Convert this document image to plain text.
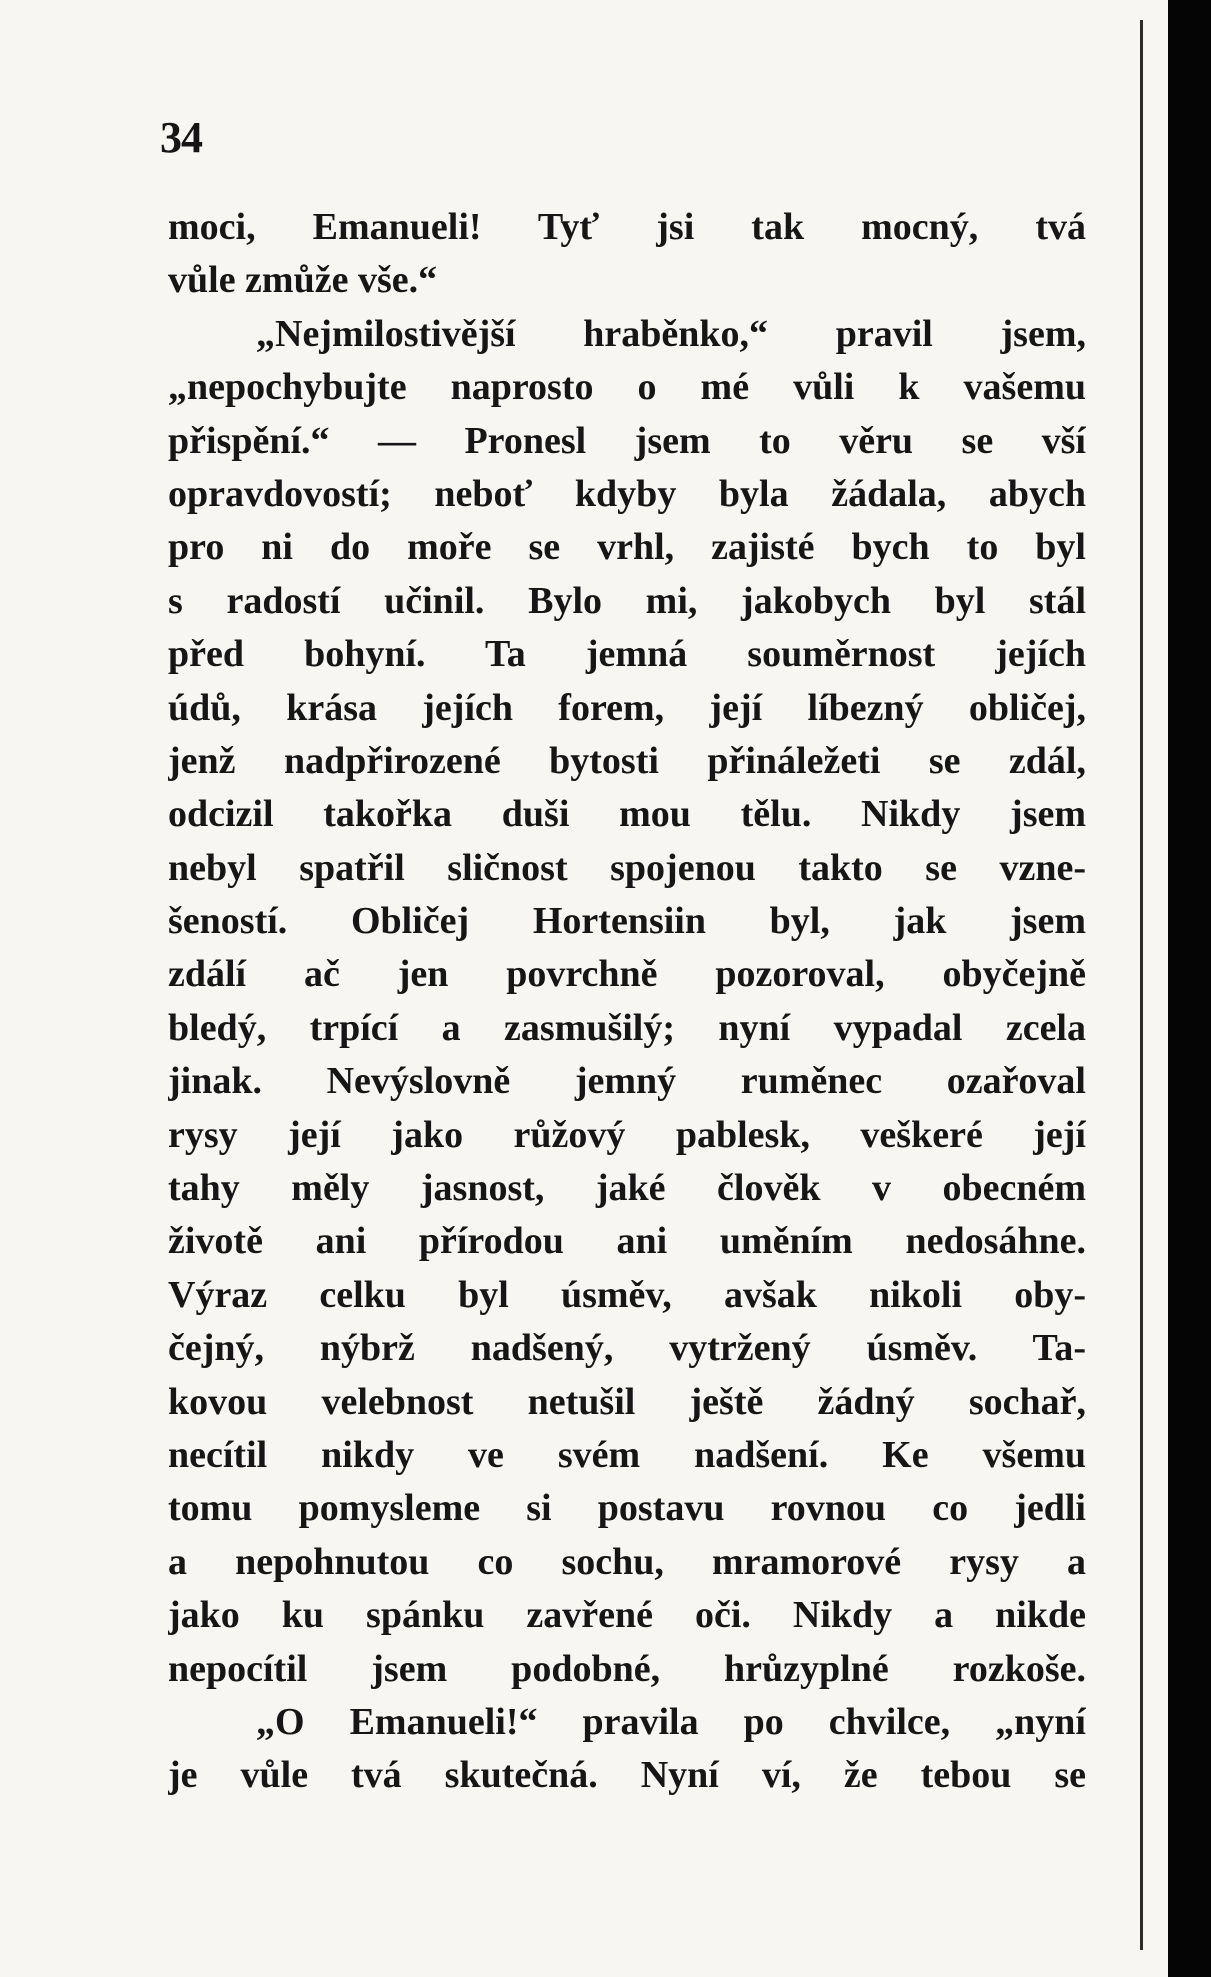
34

moci, Emanueli! Tyť jsi tak mocný, tvá
vůle zmůže vše.“
„Nejmilostivější hraběnko,“ pravil jsem,
„nepochybujte naprosto o mé vůli k vašemu
přispění.“ — Pronesl jsem to věru se vší
opravdovostí; neboť kdyby byla žádala, abych
pro ni do moře se vrhl, zajisté bych to byl
s radostí učinil. Bylo mi, jakobych byl stál
před bohyní. Ta jemná souměrnost jejích
údů, krása jejích forem, její líbezný obličej,
jenž nadpřirozené bytosti přináležeti se zdál,
odcizil takořka duši mou tělu. Nikdy jsem
nebyl spatřil sličnost spojenou takto se vzne-
šeností. Obličej Hortensiin byl, jak jsem
zdálí ač jen povrchně pozoroval, obyčejně
bledý, trpící a zasmušilý; nyní vypadal zcela
jinak. Nevýslovně jemný ruměnec ozařoval
rysy její jako růžový pablesk, veškeré její
tahy měly jasnost, jaké člověk v obecném
životě ani přírodou ani uměním nedosáhne.
Výraz celku byl úsměv, avšak nikoli oby-
čejný, nýbrž nadšený, vytržený úsměv. Ta-
kovou velebnost netušil ještě žádný sochař,
necítil nikdy ve svém nadšení. Ke všemu
tomu pomysleme si postavu rovnou co jedli
a nepohnutou co sochu, mramorové rysy a
jako ku spánku zavřené oči. Nikdy a nikde
nepocítil jsem podobné, hrůzyplné rozkoše.
„O Emanueli!“ pravila po chvilce, „nyní
je vůle tvá skutečná. Nyní ví, že tebou se
